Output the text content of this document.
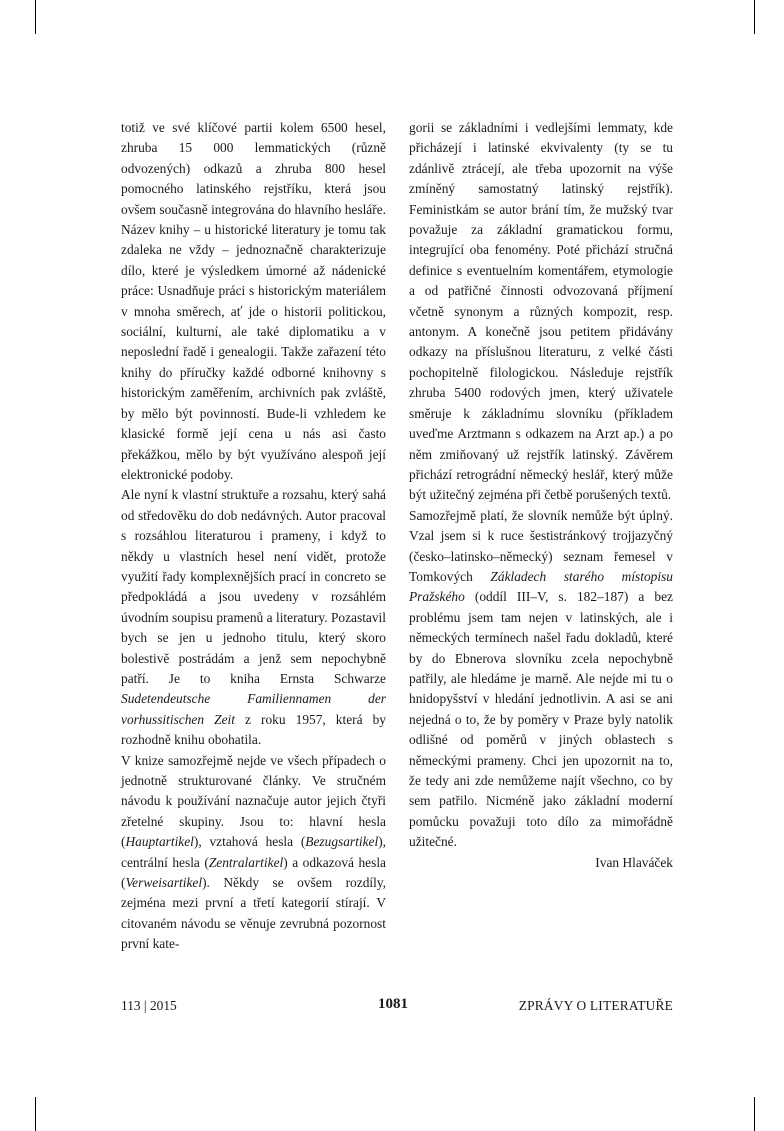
totiž ve své klíčové partii kolem 6500 hesel, zhruba 15 000 lemmatických (různě odvozených) odkazů a zhruba 800 hesel pomocného latinského rejstříku, která jsou ovšem současně integrována do hlavního hesláře. Název knihy – u historické literatury je tomu tak zdaleka ne vždy – jednoznačně charakterizuje dílo, které je výsledkem úmorné až nádenické práce: Usnadňuje práci s historickým materiálem v mnoha směrech, ať jde o historii politickou, sociální, kulturní, ale také diplomatiku a v neposlední řadě i genealogii. Takže zařazení této knihy do příručky každé odborné knihovny s historickým zaměřením, archivních pak zvláště, by mělo být povinností. Bude-li vzhledem ke klasické formě její cena u nás asi často překážkou, mělo by být využíváno alespoň její elektronické podoby.

Ale nyní k vlastní struktuře a rozsahu, který sahá od středověku do dob nedávných. Autor pracoval s rozsáhlou literaturou i prameny, i když to někdy u vlastních hesel není vidět, protože využití řady komplexnějších prací in concreto se předpokládá a jsou uvedeny v rozsáhlém úvodním soupisu pramenů a literatury. Pozastavil bych se jen u jednoho titulu, který skoro bolestivě postrádám a jenž sem nepochybně patří. Je to kniha Ernsta Schwarze Sudetendeutsche Familiennamen der vorhussitischen Zeit z roku 1957, která by rozhodně knihu obohatila.

V knize samozřejmě nejde ve všech případech o jednotně strukturované články. Ve stručném návodu k používání naznačuje autor jejich čtyři zřetelné skupiny. Jsou to: hlavní hesla (Hauptartikel), vztahová hesla (Bezugsartikel), centrální hesla (Zentralartikel) a odkazová hesla (Verweisartikel). Někdy se ovšem rozdíly, zejména mezi první a třetí kategorií stírají. V citovaném návodu se věnuje zevrubná pozornost první kate-

gorii se základními i vedlejšími lemmaty, kde přicházejí i latinské ekvivalenty (ty se tu zdánlivě ztrácejí, ale třeba upozornit na výše zmíněný samostatný latinský rejstřík). Feministkám se autor brání tím, že mužský tvar považuje za základní gramatickou formu, integrující oba fenomény. Poté přichází stručná definice s eventuelním komentářem, etymologie a od patřičné činnosti odvozovaná příjmení včetně synonym a různých kompozit, resp. antonym. A konečně jsou petitem přidávány odkazy na příslušnou literaturu, z velké části pochopitelně filologickou. Následuje rejstřík zhruba 5400 rodových jmen, který uživatele směruje k základnímu slovníku (příkladem uveďme Arztmann s odkazem na Arzt ap.) a po něm zmiňovaný už rejstřík latinský. Závěrem přichází retrográdní německý heslář, který může být užitečný zejména při četbě porušených textů.

Samozřejmě platí, že slovník nemůže být úplný. Vzal jsem si k ruce šestistránkový trojjazyčný (česko–latinsko–německý) seznam řemesel v Tomkových Základech starého místopisu Pražského (oddíl III–V, s. 182–187) a bez problému jsem tam nejen v latinských, ale i německých termínech našel řadu dokladů, které by do Ebnerova slovníku zcela nepochybně patřily, ale hledáme je marně. Ale nejde mi tu o hnidopyšství v hledání jednotlivin. A asi se ani nejedná o to, že by poměry v Praze byly natolik odlišné od poměrů v jiných oblastech s německými prameny. Chci jen upozornit na to, že tedy ani zde nemůžeme najít všechno, co by sem patřilo. Nicméně jako základní moderní pomůcku považuji toto dílo za mimořádně užitečné.

Ivan Hlaváček

113 | 2015	1081	ZPRÁVY O LITERATUŘE
